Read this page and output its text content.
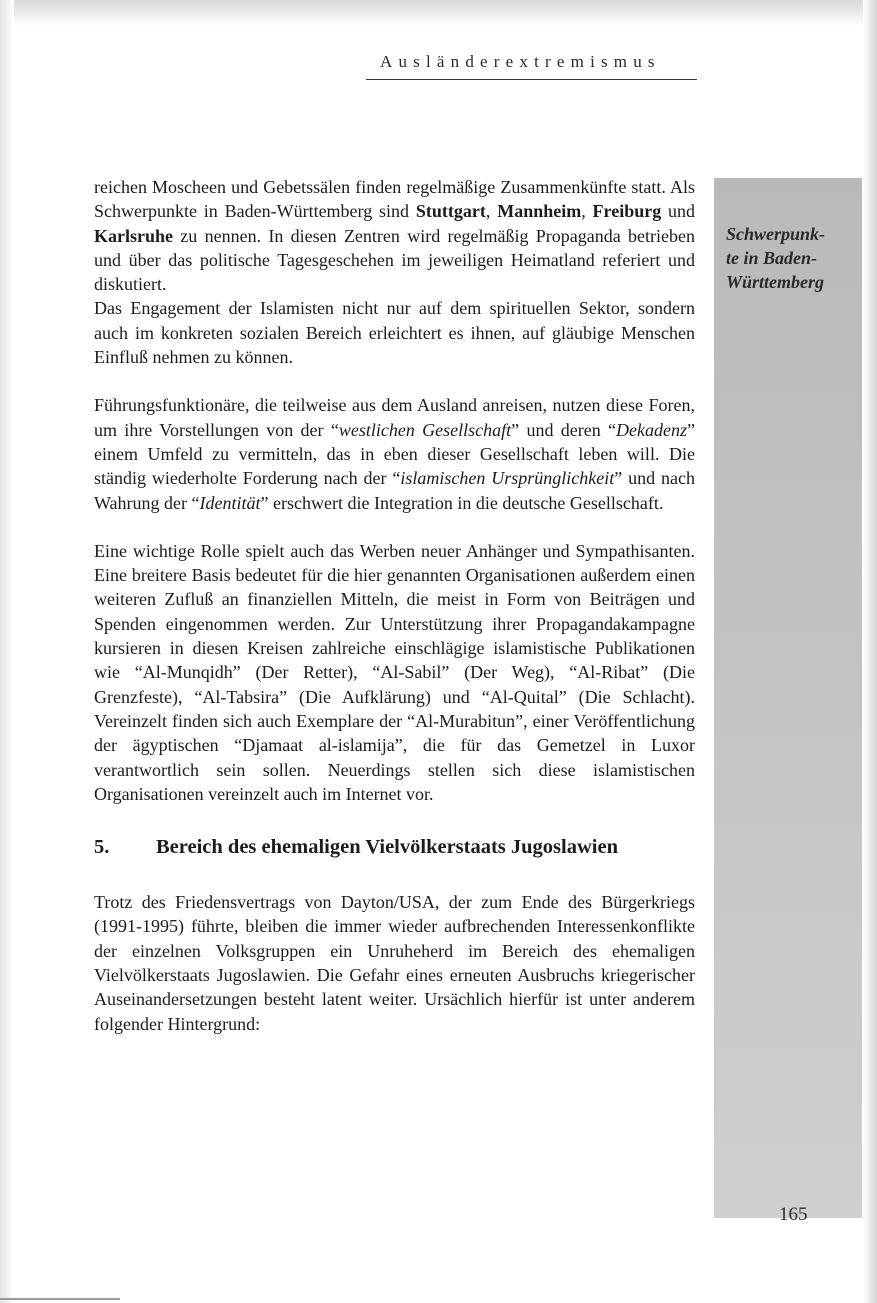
Ausländerextremismus
Schwerpunk-
te in Baden-
Württemberg

reichen Moscheen und Gebetssälen finden regelmäßige Zusammenkünfte statt. Als Schwerpunkte in Baden-Württemberg sind Stuttgart, Mannheim, Freiburg und Karlsruhe zu nennen. In diesen Zentren wird regelmäßig Propaganda betrieben und über das politische Tagesgeschehen im jeweiligen Heimatland referiert und diskutiert.

Das Engagement der Islamisten nicht nur auf dem spirituellen Sektor, sondern auch im konkreten sozialen Bereich erleichtert es ihnen, auf gläubige Menschen Einfluß nehmen zu können.

Führungsfunktionäre, die teilweise aus dem Ausland anreisen, nutzen diese Foren, um ihre Vorstellungen von der “westlichen Gesellschaft” und deren “Dekadenz” einem Umfeld zu vermitteln, das in eben dieser Gesellschaft leben will. Die ständig wiederholte Forderung nach der “islamischen Ursprünglichkeit” und nach Wahrung der “Identität” erschwert die Integration in die deutsche Gesellschaft.

Eine wichtige Rolle spielt auch das Werben neuer Anhänger und Sympathisanten. Eine breitere Basis bedeutet für die hier genannten Organisationen außerdem einen weiteren Zufluß an finanziellen Mitteln, die meist in Form von Beiträgen und Spenden eingenommen werden. Zur Unterstützung ihrer Propagandakampagne kursieren in diesen Kreisen zahlreiche einschlägige islamistische Publikationen wie “Al-Munqidh” (Der Retter), “Al-Sabil” (Der Weg), “Al-Ribat” (Die Grenzfeste), “Al-Tabsira” (Die Aufklärung) und “Al-Quital” (Die Schlacht). Vereinzelt finden sich auch Exemplare der “Al-Murabitun”, einer Veröffentlichung der ägyptischen “Djamaat al-islamija”, die für das Gemetzel in Luxor verantwortlich sein sollen. Neuerdings stellen sich diese islamistischen Organisationen vereinzelt auch im Internet vor.

5.	Bereich des ehemaligen Vielvölkerstaats Jugoslawien

Trotz des Friedensvertrags von Dayton/USA, der zum Ende des Bürgerkriegs (1991-1995) führte, bleiben die immer wieder aufbrechenden Interessenkonflikte der einzelnen Volksgruppen ein Unruheherd im Bereich des ehemaligen Vielvölkerstaats Jugoslawien. Die Gefahr eines erneuten Ausbruchs kriegerischer Auseinandersetzungen besteht latent weiter. Ursächlich hierfür ist unter anderem folgender Hintergrund:

165
